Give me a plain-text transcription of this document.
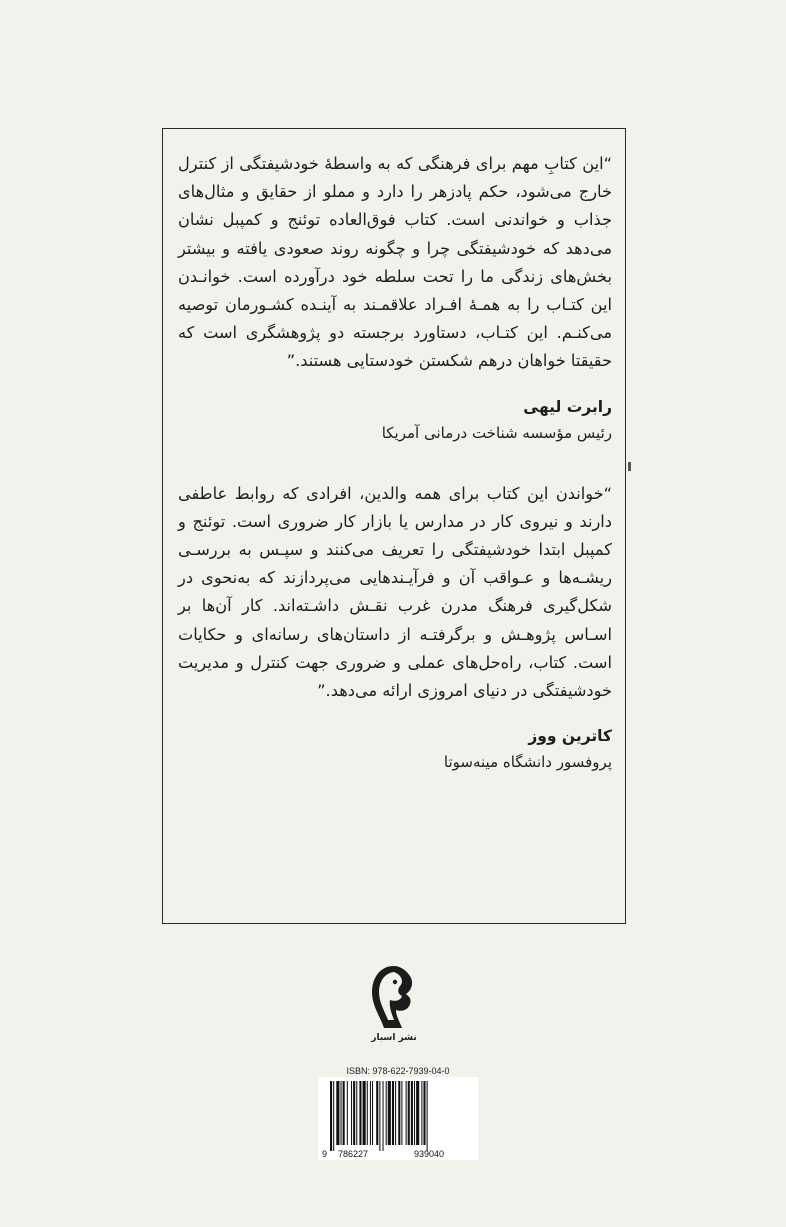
“این کتابِ مهم برای فرهنگی که به واسطۀ خودشیفتگی از کنترل خارج می‌شود، حکم پادزهر را دارد و مملو از حقایق و مثال‌های جذاب و خواندنی است. کتاب فوق‌العاده توئنج و کمپبل نشان می‌دهد که خودشیفتگی چرا و چگونه روند صعودی یافته و بیشتر بخش‌های زندگی ما را تحت سلطه خود درآورده است. خوانـدن این کتـاب را به همـۀ افـراد علاقمـند به آینـده کشـورمان توصیه می‌کنـم. این کتـاب، دستاورد برجسته دو پژوهشگری است که حقیقتا خواهان درهم شکستن خودستایی هستند.”

رابرت لیهی

رئیس مؤسسه شناخت درمانی آمریکا

“خواندن این کتاب برای همه والدین، افرادی که روابط عاطفی دارند و نیروی کار در مدارس یا بازار کار ضروری است. توئنج و کمپبل ابتدا خودشیفتگی را تعریف می‌کنند و سپـس به بررسـی ریشـه‌ها و عـواقب آن و فرآیـندهایی می‌پردازند که به‌نحوی در شکل‌گیری فرهنگ مدرن غرب نقـش داشـته‌اند. کار آن‌ها بر اسـاس پژوهـش و برگرفتـه از داستان‌های رسانه‌ای و حکایات است. کتاب، راه‌حل‌های عملی و ضروری جهت کنترل و مدیریت خودشیفتگی در دنیای امروزی ارائه می‌دهد.”

کاترین ووز

پروفسور دانشگاه مینه‌سوتا

نشر اسبار
ISBN: 978-622-7939-04-0
9 786227	939040
